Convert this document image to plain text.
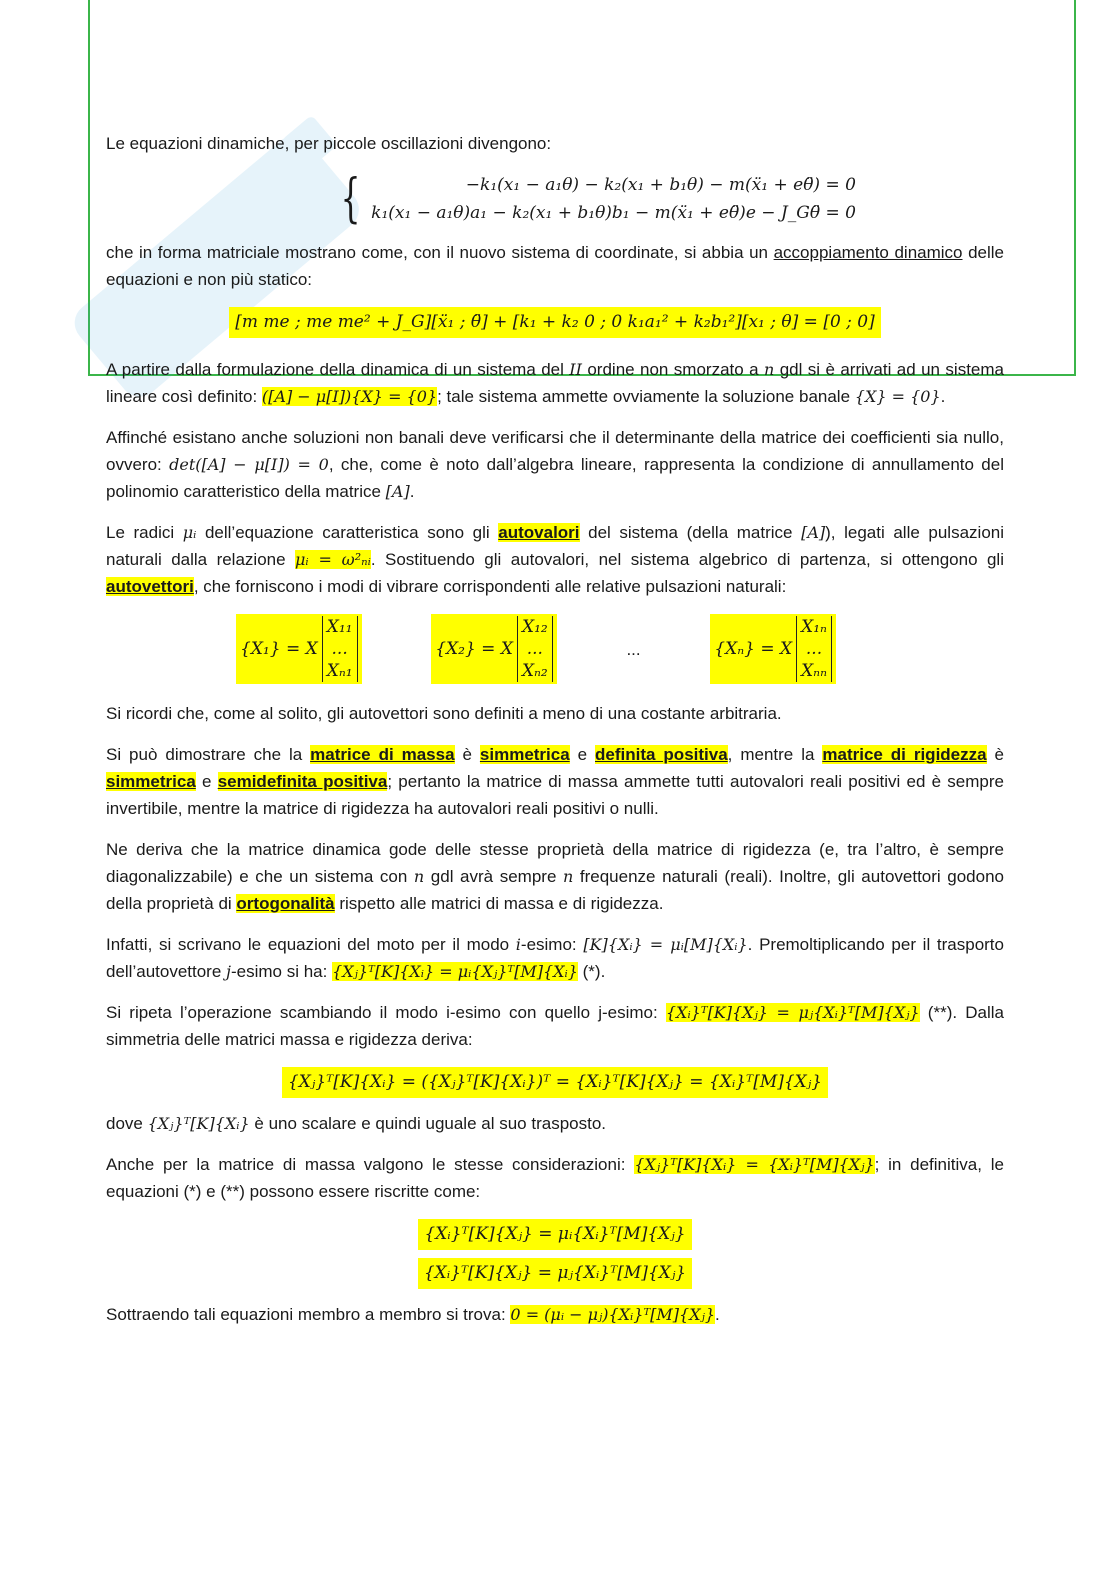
Le equazioni dinamiche, per piccole oscillazioni divengono:

{	−k₁(x₁ − a₁θ) − k₂(x₁ + b₁θ) − m(ẍ₁ + eθ̈) = 0
k₁(x₁ − a₁θ)a₁ − k₂(x₁ + b₁θ)b₁ − m(ẍ₁ + eθ̈)e − J_Gθ̈ = 0

che in forma matriciale mostrano come, con il nuovo sistema di coordinate, si abbia un accoppiamento dinamico delle equazioni e non più statico:

[m me ; me me² + J_G][ẍ₁ ; θ̈] + [k₁ + k₂ 0 ; 0 k₁a₁² + k₂b₁²][x₁ ; θ] = [0 ; 0]

A partire dalla formulazione della dinamica di un sistema del II ordine non smorzato a n gdl si è arrivati ad un sistema lineare così definito: ([A] − μ[I]){X} = {0}; tale sistema ammette ovviamente la soluzione banale {X} = {0}.

Affinché esistano anche soluzioni non banali deve verificarsi che il determinante della matrice dei coefficienti sia nullo, ovvero: det([A] − μ[I]) = 0, che, come è noto dall’algebra lineare, rappresenta la condizione di annullamento del polinomio caratteristico della matrice [A].

Le radici μᵢ dell’equazione caratteristica sono gli autovalori del sistema (della matrice [A]), legati alle pulsazioni naturali dalla relazione μᵢ = ω²ₙᵢ. Sostituendo gli autovalori, nel sistema algebrico di partenza, si ottengono gli autovettori, che forniscono i modi di vibrare corrispondenti alle relative pulsazioni naturali:

{X₁} = X
X₁₁
...
Xₙ₁
{X₂} = X
X₁₂
...
Xₙ₂
...	{Xₙ} = X
X₁ₙ
...
Xₙₙ

Si ricordi che, come al solito, gli autovettori sono definiti a meno di una costante arbitraria.

Si può dimostrare che la matrice di massa è simmetrica e definita positiva, mentre la matrice di rigidezza è simmetrica e semidefinita positiva; pertanto la matrice di massa ammette tutti autovalori reali positivi ed è sempre invertibile, mentre la matrice di rigidezza ha autovalori reali positivi o nulli.

Ne deriva che la matrice dinamica gode delle stesse proprietà della matrice di rigidezza (e, tra l’altro, è sempre diagonalizzabile) e che un sistema con n gdl avrà sempre n frequenze naturali (reali). Inoltre, gli autovettori godono della proprietà di ortogonalità rispetto alle matrici di massa e di rigidezza.

Infatti, si scrivano le equazioni del moto per il modo i-esimo: [K]{Xᵢ} = μᵢ[M]{Xᵢ}. Premoltiplicando per il trasporto dell’autovettore j-esimo si ha: {Xⱼ}ᵀ[K]{Xᵢ} = μᵢ{Xⱼ}ᵀ[M]{Xᵢ} (*).

Si ripeta l’operazione scambiando il modo i-esimo con quello j-esimo: {Xᵢ}ᵀ[K]{Xⱼ} = μⱼ{Xᵢ}ᵀ[M]{Xⱼ} (**). Dalla simmetria delle matrici massa e rigidezza deriva:

{Xⱼ}ᵀ[K]{Xᵢ} = ({Xⱼ}ᵀ[K]{Xᵢ})ᵀ = {Xᵢ}ᵀ[K]{Xⱼ} = {Xᵢ}ᵀ[M]{Xⱼ}

dove {Xⱼ}ᵀ[K]{Xᵢ} è uno scalare e quindi uguale al suo trasposto.

Anche per la matrice di massa valgono le stesse considerazioni: {Xⱼ}ᵀ[K]{Xᵢ} = {Xᵢ}ᵀ[M]{Xⱼ}; in definitiva, le equazioni (*) e (**) possono essere riscritte come:

{Xᵢ}ᵀ[K]{Xⱼ} = μᵢ{Xᵢ}ᵀ[M]{Xⱼ}
{Xᵢ}ᵀ[K]{Xⱼ} = μⱼ{Xᵢ}ᵀ[M]{Xⱼ}

Sottraendo tali equazioni membro a membro si trova: 0 = (μᵢ − μⱼ){Xᵢ}ᵀ[M]{Xⱼ}.
